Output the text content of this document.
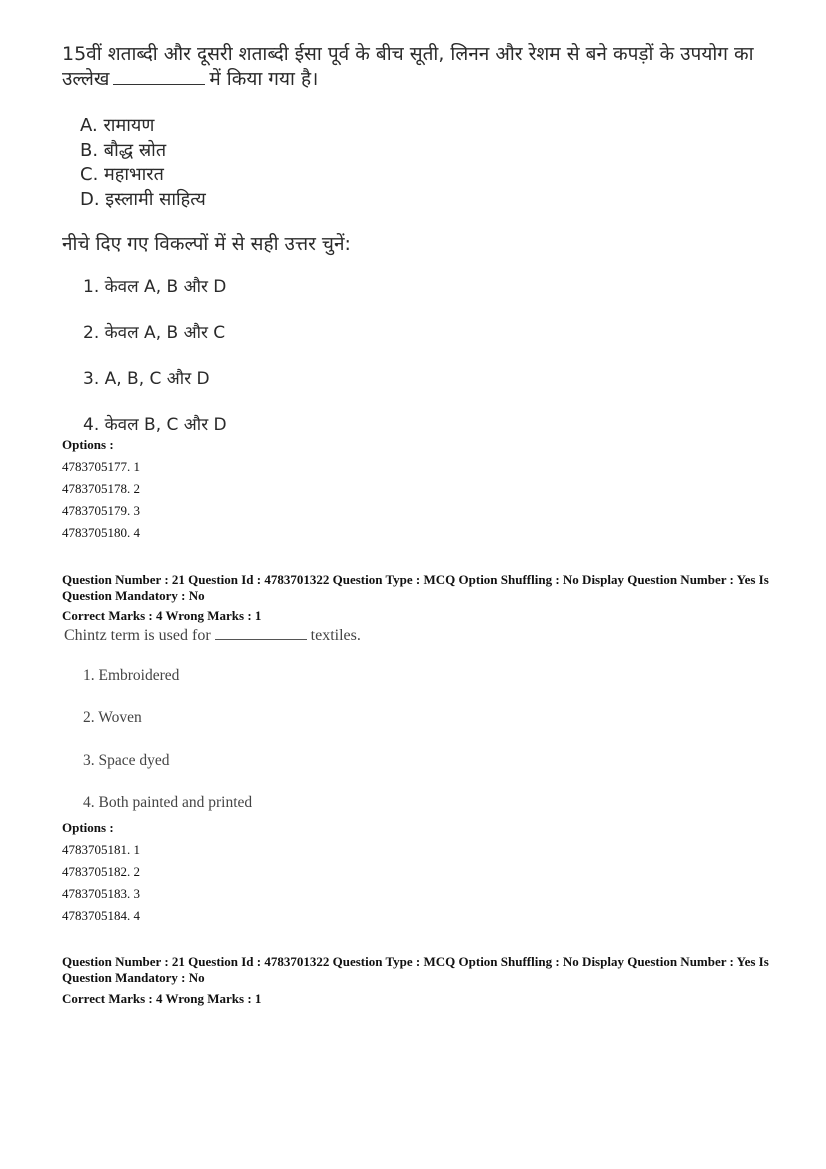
15वीं शताब्दी और दूसरी शताब्दी ईसा पूर्व के बीच सूती, लिनन और रेशम से बने कपड़ों के उपयोग का उल्लेख	में किया गया है।
A. रामायण
B. बौद्ध स्रोत
C. महाभारत
D. इस्लामी साहित्य
नीचे दिए गए विकल्पों में से सही उत्तर चुनें:
1. केवल A, B और D
2. केवल A, B और C
3. A, B, C और D
4. केवल B, C और D
Options :
4783705177. 1
4783705178. 2
4783705179. 3
4783705180. 4
Question Number : 21 Question Id : 4783701322 Question Type : MCQ Option Shuffling : No Display Question Number : Yes Is Question Mandatory : No
Correct Marks : 4 Wrong Marks : 1
Chintz term is used for	textiles.
1. Embroidered
2. Woven
3. Space dyed
4. Both painted and printed
Options :
4783705181. 1
4783705182. 2
4783705183. 3
4783705184. 4
Question Number : 21 Question Id : 4783701322 Question Type : MCQ Option Shuffling : No Display Question Number : Yes Is Question Mandatory : No
Correct Marks : 4 Wrong Marks : 1
